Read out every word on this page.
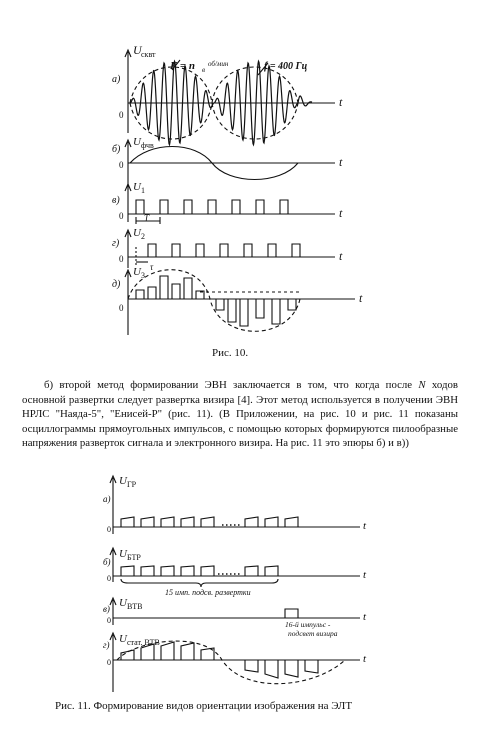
а)
U сквт
F = n в
об/мин	f = 400 Гц
0
t
б)
U фчв
0	t
в)
U 1
T
0	t
г)
U 2
τ
0	t
д)
U 3
0
t
Рис. 10.

б) второй метод формировании ЭВН заключается в том, что когда после N ходов основной развертки следует развертка визира [4]. Этот метод используется в получении ЭВН НРЛС "Наяда-5", "Енисей-Р" (рис. 11). (В Приложении, на рис. 10 и рис. 11 показаны осциллограммы прямоугольных импульсов, с помощью которых формируются пилообразные напряжения разверток сигнала и электронного визира. На рис. 11 это эпюры б) и в))

а)
U ГР
0	t
б)
U БТР
0	t
15 имп. подсв. развертки
в) U ВТВ
0	t
16-й импульс -
подсвет визира
г) U стат. ВТВ
0	t
Рис. 11. Формирование видов ориентации изображения на ЭЛТ
